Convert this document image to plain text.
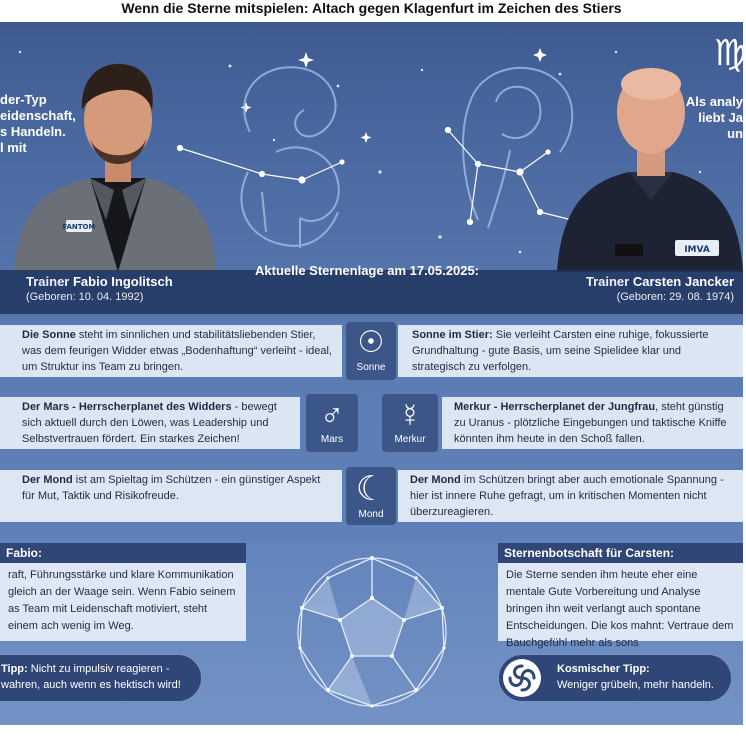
Wenn die Sterne mitspielen: Altach gegen Klagenfurt im Zeichen des Stiers
der-Typ
eidenschaft,
s Handeln.
l mit
♍
Als analy
liebt Ja
un
FANTOM
IMVA
Trainer Fabio Ingolitsch
(Geboren: 10. 04. 1992)
Trainer Carsten Jancker
(Geboren: 29. 08. 1974)
Aktuelle Sternenlage am 17.05.2025:
Die Sonne steht im sinnlichen und stabilitätsliebenden Stier, was dem feurigen Widder etwas „Bodenhaftung“ verleiht - ideal, um Struktur ins Team zu bringen.
Sonne im Stier: Sie verleiht Carsten eine ruhige, fokussierte Grundhaltung - gute Basis, um seine Spielidee klar und strategisch zu verfolgen.
☉
Sonne
Der Mars - Herrscherplanet des Widders - bewegt sich aktuell durch den Löwen, was Leadership und Selbstvertrauen fördert. Ein starkes Zeichen!
♂
Mars
☿
Merkur
Merkur - Herrscherplanet der Jungfrau, steht günstig zu Uranus - plötzliche Eingebungen und taktische Kniffe könnten ihm heute in den Schoß fallen.
Der Mond ist am Spieltag im Schützen - ein günstiger Aspekt für Mut, Taktik und Risikofreude.	☾
Mond
Der Mond im Schützen bringt aber auch emotionale Spannung - hier ist innere Ruhe gefragt, um in kritischen Momenten nicht überzureagieren.
Fabio:
raft, Führungsstärke und klare Kommunikation gleich an der Waage sein. Wenn Fabio seinem as Team mit Leidenschaft motiviert, steht einem ach wenig im Weg.
Sternenbotschaft für Carsten:
Die Sterne senden ihm heute eher eine mentale Gute Vorbereitung und Analyse bringen ihn weit verlangt auch spontane Entscheidungen. Die kos mahnt: Vertraue dem Bauchgefühl mehr als sons
Tipp: Nicht zu impulsiv reagieren - wahren, auch wenn es hektisch wird!
Kosmischer Tipp:
Weniger grübeln, mehr handeln.
